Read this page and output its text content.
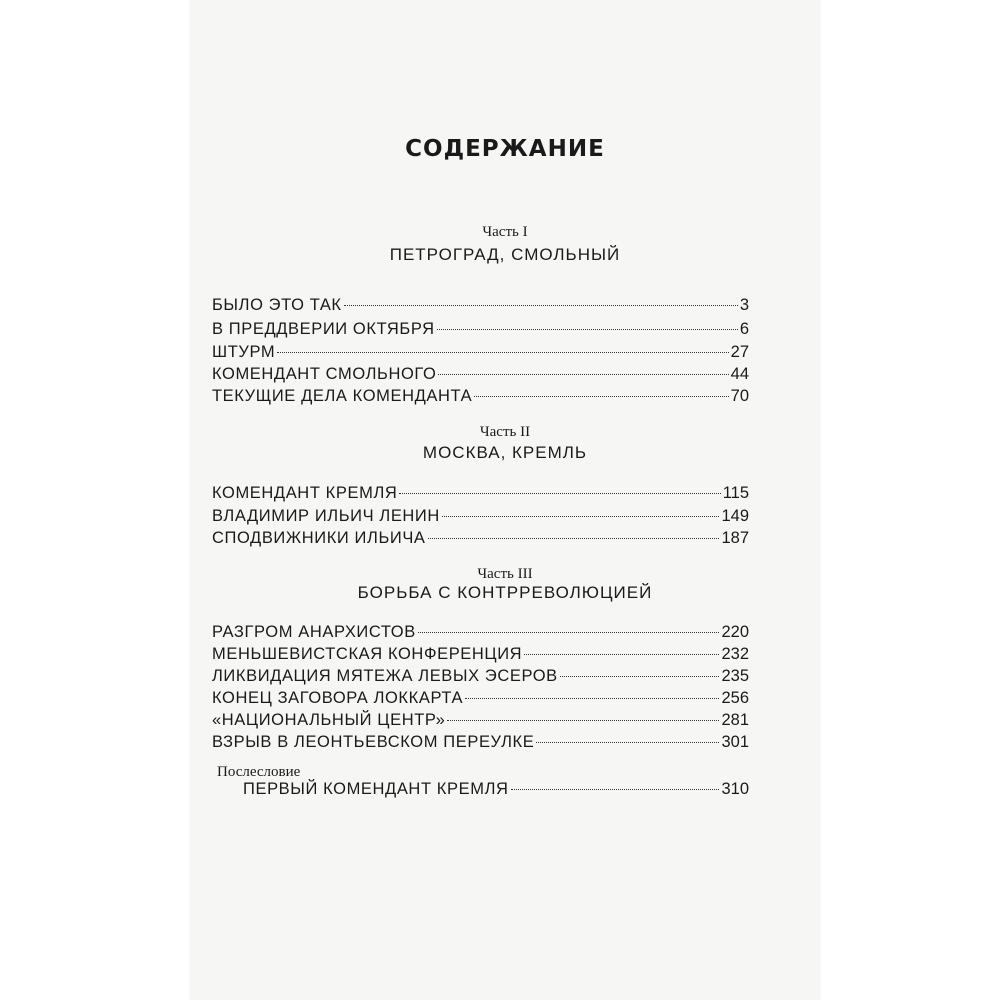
СОДЕРЖАНИЕ
Часть I
ПЕТРОГРАД, СМОЛЬНЫЙ
БЫЛО ЭТО ТАК	3
В ПРЕДДВЕРИИ ОКТЯБРЯ	6
ШТУРМ	27
КОМЕНДАНТ СМОЛЬНОГО	44
ТЕКУЩИЕ ДЕЛА КОМЕНДАНТА	70
Часть II
МОСКВА, КРЕМЛЬ
КОМЕНДАНТ КРЕМЛЯ	115
ВЛАДИМИР ИЛЬИЧ ЛЕНИН	149
СПОДВИЖНИКИ ИЛЬИЧА	187
Часть III
БОРЬБА С КОНТРРЕВОЛЮЦИЕЙ
РАЗГРОМ АНАРХИСТОВ	220
МЕНЬШЕВИСТСКАЯ КОНФЕРЕНЦИЯ	232
ЛИКВИДАЦИЯ МЯТЕЖА ЛЕВЫХ ЭСЕРОВ	235
КОНЕЦ ЗАГОВОРА ЛОККАРТА	256
«НАЦИОНАЛЬНЫЙ ЦЕНТР»	281
ВЗРЫВ В ЛЕОНТЬЕВСКОМ ПЕРЕУЛКЕ	301
Послесловие
ПЕРВЫЙ КОМЕНДАНТ КРЕМЛЯ	310
